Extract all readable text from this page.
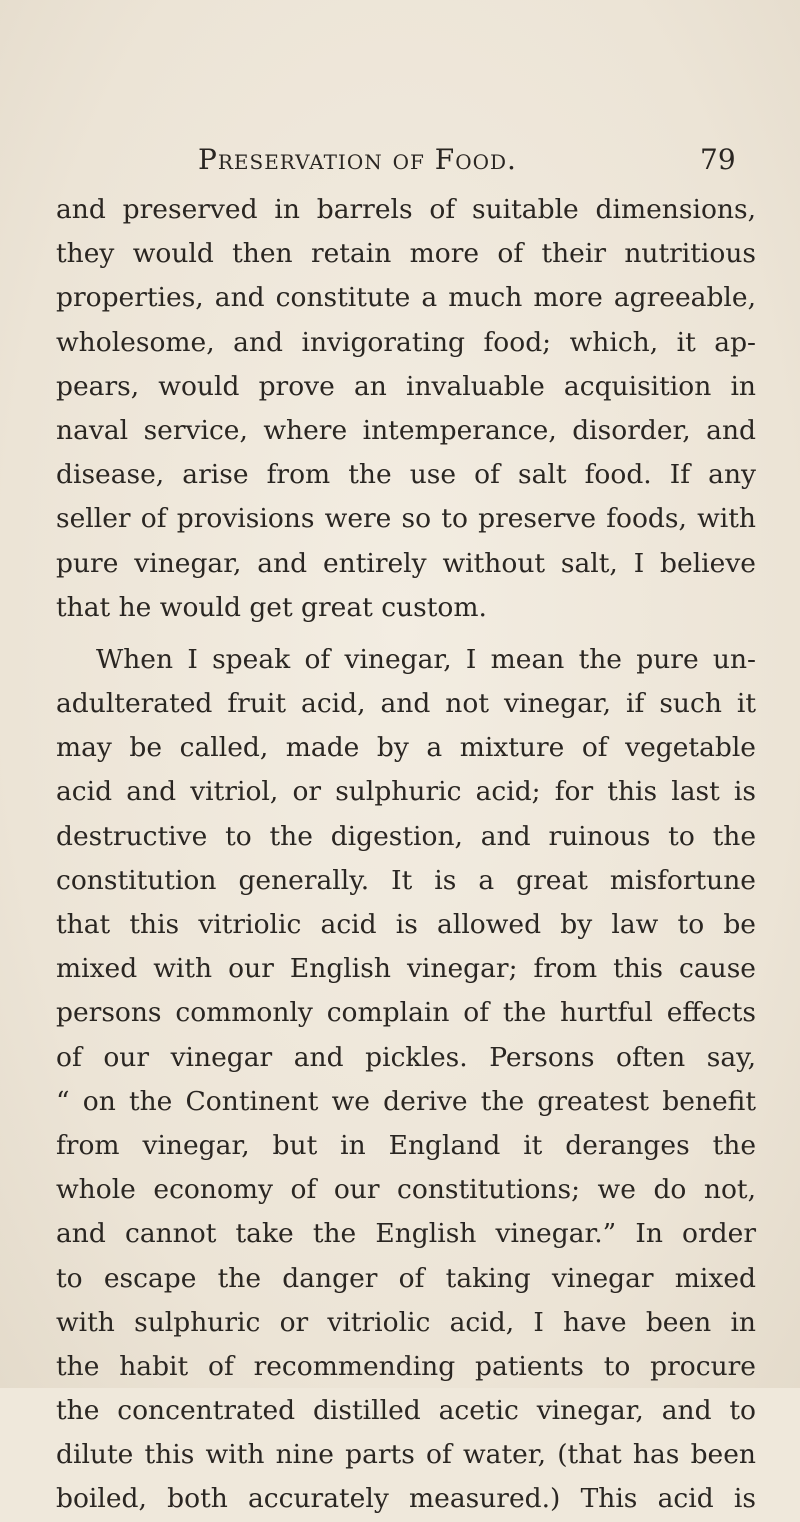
Preservation of Food.	79
and preserved in barrels of suitable dimensions,
they would then retain more of their nutritious
properties, and constitute a much more agreeable,
wholesome, and invigorating food; which, it ap-
pears, would prove an invaluable acquisition in
naval service, where intemperance, disorder, and
disease, arise from the use of salt food. If any
seller of provisions were so to preserve foods, with
pure vinegar, and entirely without salt, I believe
that he would get great custom.
When I speak of vinegar, I mean the pure un-
adulterated fruit acid, and not vinegar, if such it
may be called, made by a mixture of vegetable
acid and vitriol, or sulphuric acid; for this last is
destructive to the digestion, and ruinous to the
constitution generally. It is a great misfortune
that this vitriolic acid is allowed by law to be
mixed with our English vinegar; from this cause
persons commonly complain of the hurtful effects
of our vinegar and pickles. Persons often say,
“ on the Continent we derive the greatest benefit
from vinegar, but in England it deranges the
whole economy of our constitutions; we do not,
and cannot take the English vinegar.” In order
to escape the danger of taking vinegar mixed
with sulphuric or vitriolic acid, I have been in
the habit of recommending patients to procure
the concentrated distilled acetic vinegar, and to
dilute this with nine parts of water, (that has been
boiled, both accurately measured.) This acid is
